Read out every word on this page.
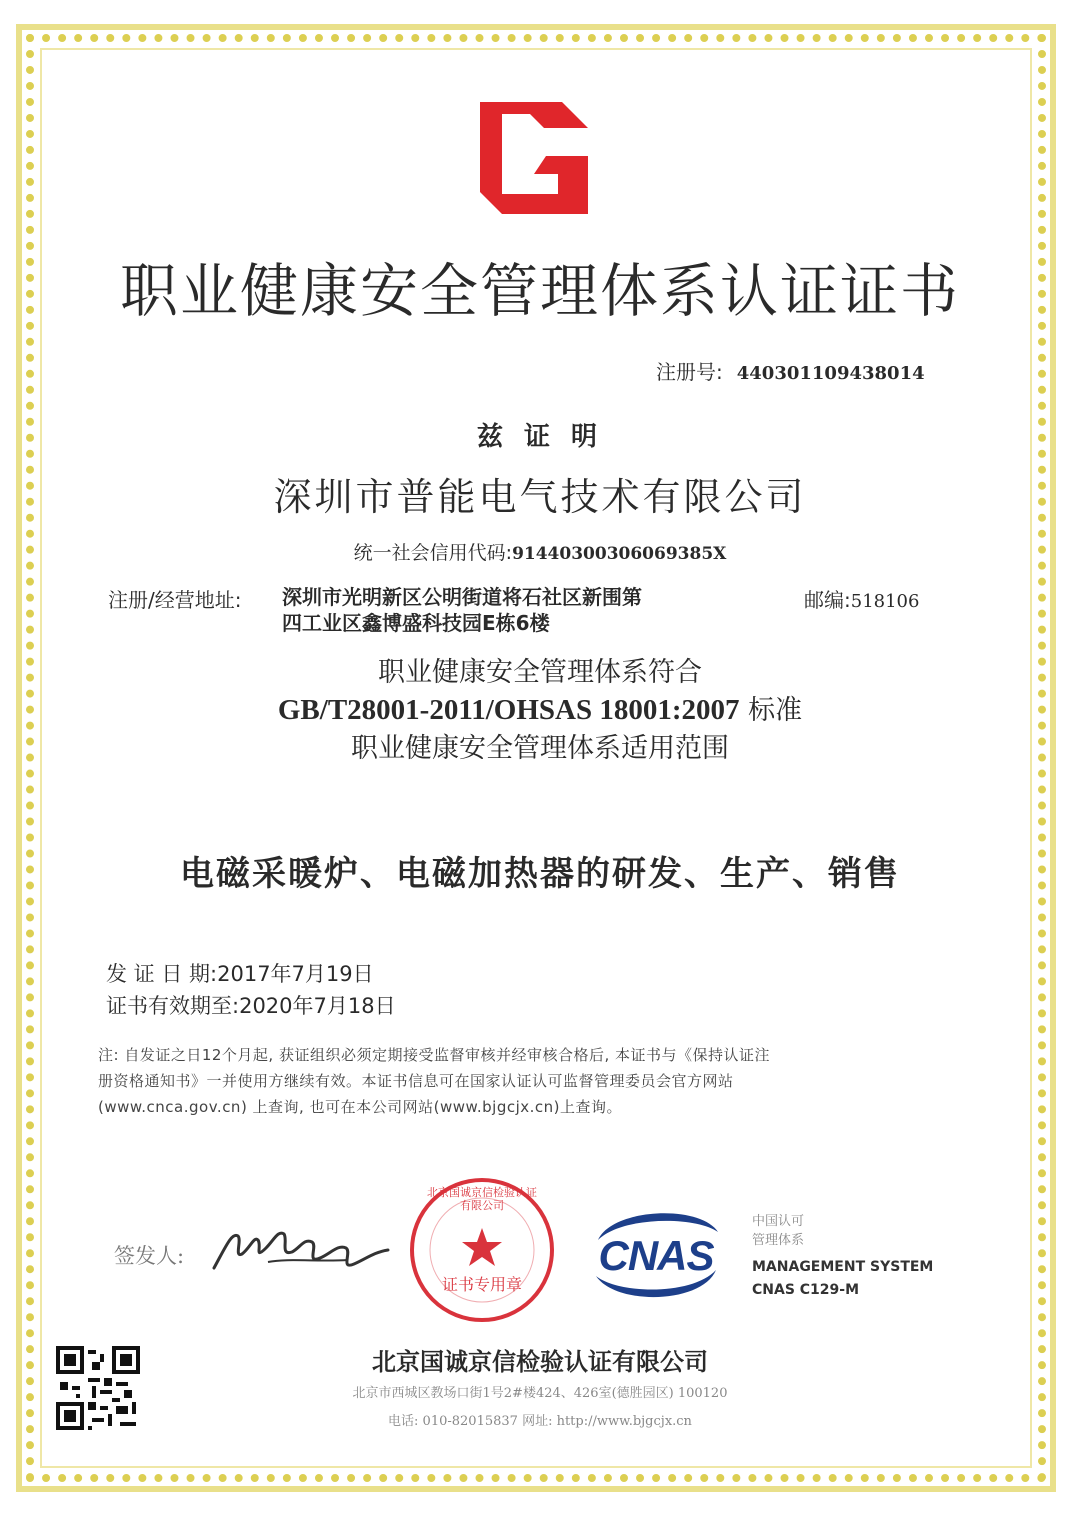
职业健康安全管理体系认证证书
注册号: 440301109438014
兹 证 明
深圳市普能电气技术有限公司
统一社会信用代码:91440300306069385X
注册/经营地址: 深圳市光明新区公明街道将石社区新围第
四工业区鑫博盛科技园E栋6楼
邮编:518106
职业健康安全管理体系符合
GB/T28001-2011/OHSAS 18001:2007 标准
职业健康安全管理体系适用范围
电磁采暖炉、电磁加热器的研发、生产、销售
发 证 日 期:2017年7月19日
证书有效期至:2020年7月18日
注: 自发证之日12个月起, 获证组织必须定期接受监督审核并经审核合格后, 本证书与《保持认证注
册资格通知书》一并使用方继续有效。本证书信息可在国家认证认可监督管理委员会官方网站
(www.cnca.gov.cn) 上查询, 也可在本公司网站(www.bjgcjx.cn)上查询。
签发人:
证书专用章
北京国诚京信检验认证有限公司
CNAS
中国认可
管理体系
MANAGEMENT SYSTEM
CNAS C129-M
北京国诚京信检验认证有限公司
北京市西城区教场口街1号2#楼424、426室(德胜园区) 100120
电话: 010-82015837 网址: http://www.bjgcjx.cn
